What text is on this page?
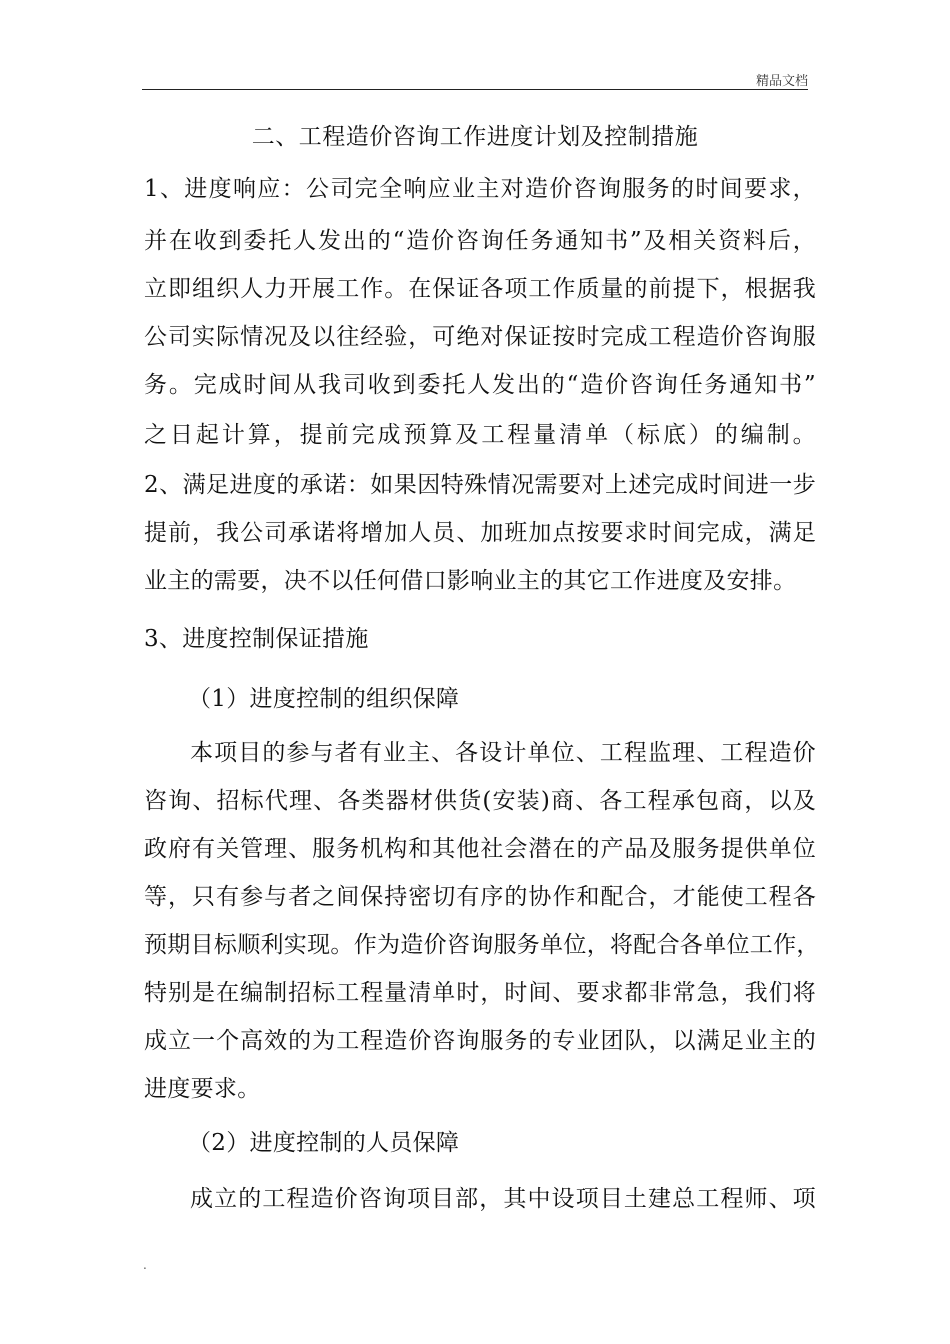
精品文档
二、工程造价咨询工作进度计划及控制措施
1、进度响应：公司完全响应业主对造价咨询服务的时间要求，
并在收到委托人发出的“造价咨询任务通知书”及相关资料后，
立即组织人力开展工作。在保证各项工作质量的前提下，根据我
公司实际情况及以往经验，可绝对保证按时完成工程造价咨询服
务。完成时间从我司收到委托人发出的“造价咨询任务通知书”
之日起计算，提前完成预算及工程量清单（标底）的编制。
2、满足进度的承诺：如果因特殊情况需要对上述完成时间进一步
提前，我公司承诺将增加人员、加班加点按要求时间完成，满足
业主的需要，决不以任何借口影响业主的其它工作进度及安排。
3、进度控制保证措施
（1）进度控制的组织保障
本项目的参与者有业主、各设计单位、工程监理、工程造价
咨询、招标代理、各类器材供货(安装)商、各工程承包商，以及
政府有关管理、服务机构和其他社会潜在的产品及服务提供单位
等，只有参与者之间保持密切有序的协作和配合，才能使工程各
预期目标顺利实现。作为造价咨询服务单位，将配合各单位工作，
特别是在编制招标工程量清单时，时间、要求都非常急，我们将
成立一个高效的为工程造价咨询服务的专业团队，以满足业主的
进度要求。
（2）进度控制的人员保障
成立的工程造价咨询项目部，其中设项目土建总工程师、项
.
